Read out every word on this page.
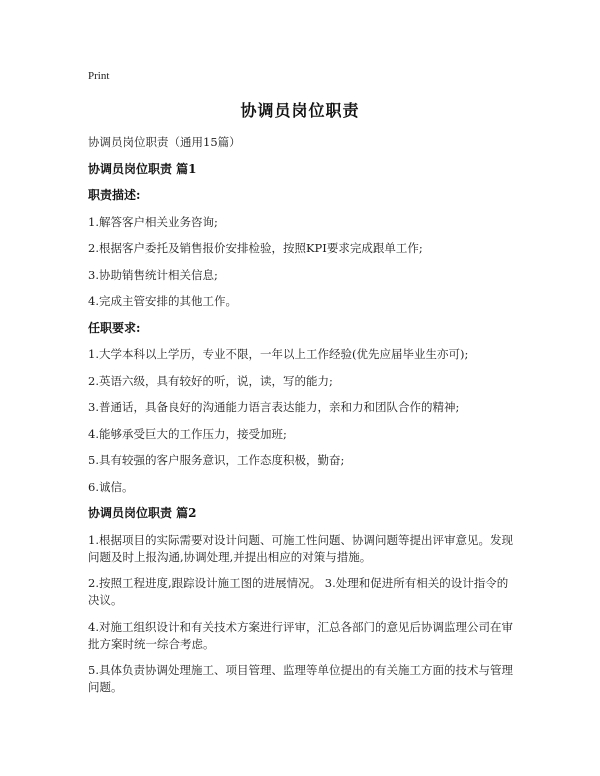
Print
协调员岗位职责

协调员岗位职责（通用15篇）

协调员岗位职责 篇1

职责描述:

1.解答客户相关业务咨询;

2.根据客户委托及销售报价安排检验，按照KPI要求完成跟单工作;

3.协助销售统计相关信息;

4.完成主管安排的其他工作。

任职要求:

1.大学本科以上学历，专业不限，一年以上工作经验(优先应届毕业生亦可);

2.英语六级，具有较好的听，说，读，写的能力;

3.普通话，具备良好的沟通能力语言表达能力，亲和力和团队合作的精神;

4.能够承受巨大的工作压力，接受加班;

5.具有较强的客户服务意识，工作态度积极，勤奋;

6.诚信。

协调员岗位职责 篇2

1.根据项目的实际需要对设计问题、可施工性问题、协调问题等提出评审意见。发现问题及时上报沟通,协调处理,并提出相应的对策与措施。

2.按照工程进度,跟踪设计施工图的进展情况。 3.处理和促进所有相关的设计指令的决议。

4.对施工组织设计和有关技术方案进行评审，汇总各部门的意见后协调监理公司在审批方案时统一综合考虑。

5.具体负责协调处理施工、项目管理、监理等单位提出的有关施工方面的技术与管理问题。
